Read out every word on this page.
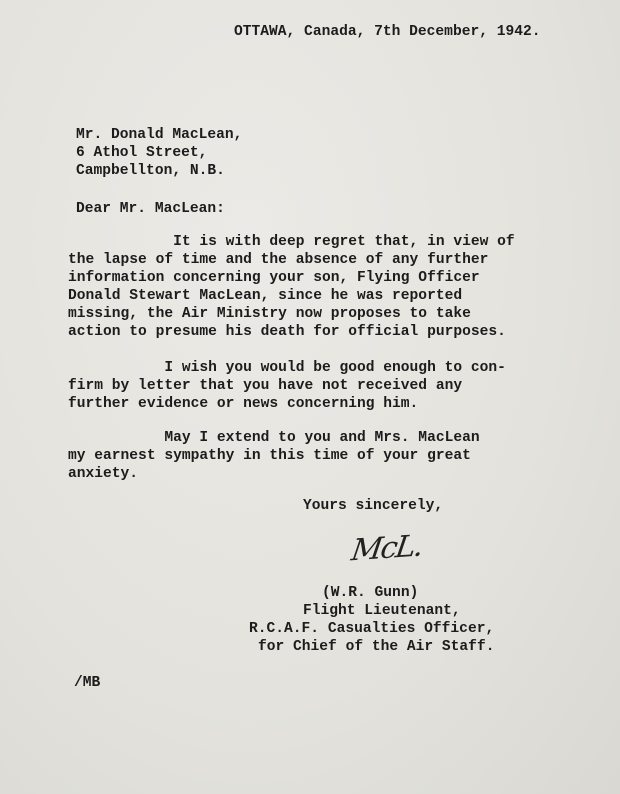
OTTAWA, Canada, 7th December, 1942.
Mr. Donald MacLean,
6 Athol Street,
Campbellton, N.B.
Dear Mr. MacLean:
It is with deep regret that, in view of
the lapse of time and the absence of any further
information concerning your son, Flying Officer
Donald Stewart MacLean, since he was reported
missing, the Air Ministry now proposes to take
action to presume his death for official purposes.
I wish you would be good enough to con-
firm by letter that you have not received any
further evidence or news concerning him.
May I extend to you and Mrs. MacLean
my earnest sympathy in this time of your great
anxiety.
Yours sincerely,
McL.
(W.R. Gunn)
Flight Lieutenant,
R.C.A.F. Casualties Officer,
for Chief of the Air Staff.
/MB
